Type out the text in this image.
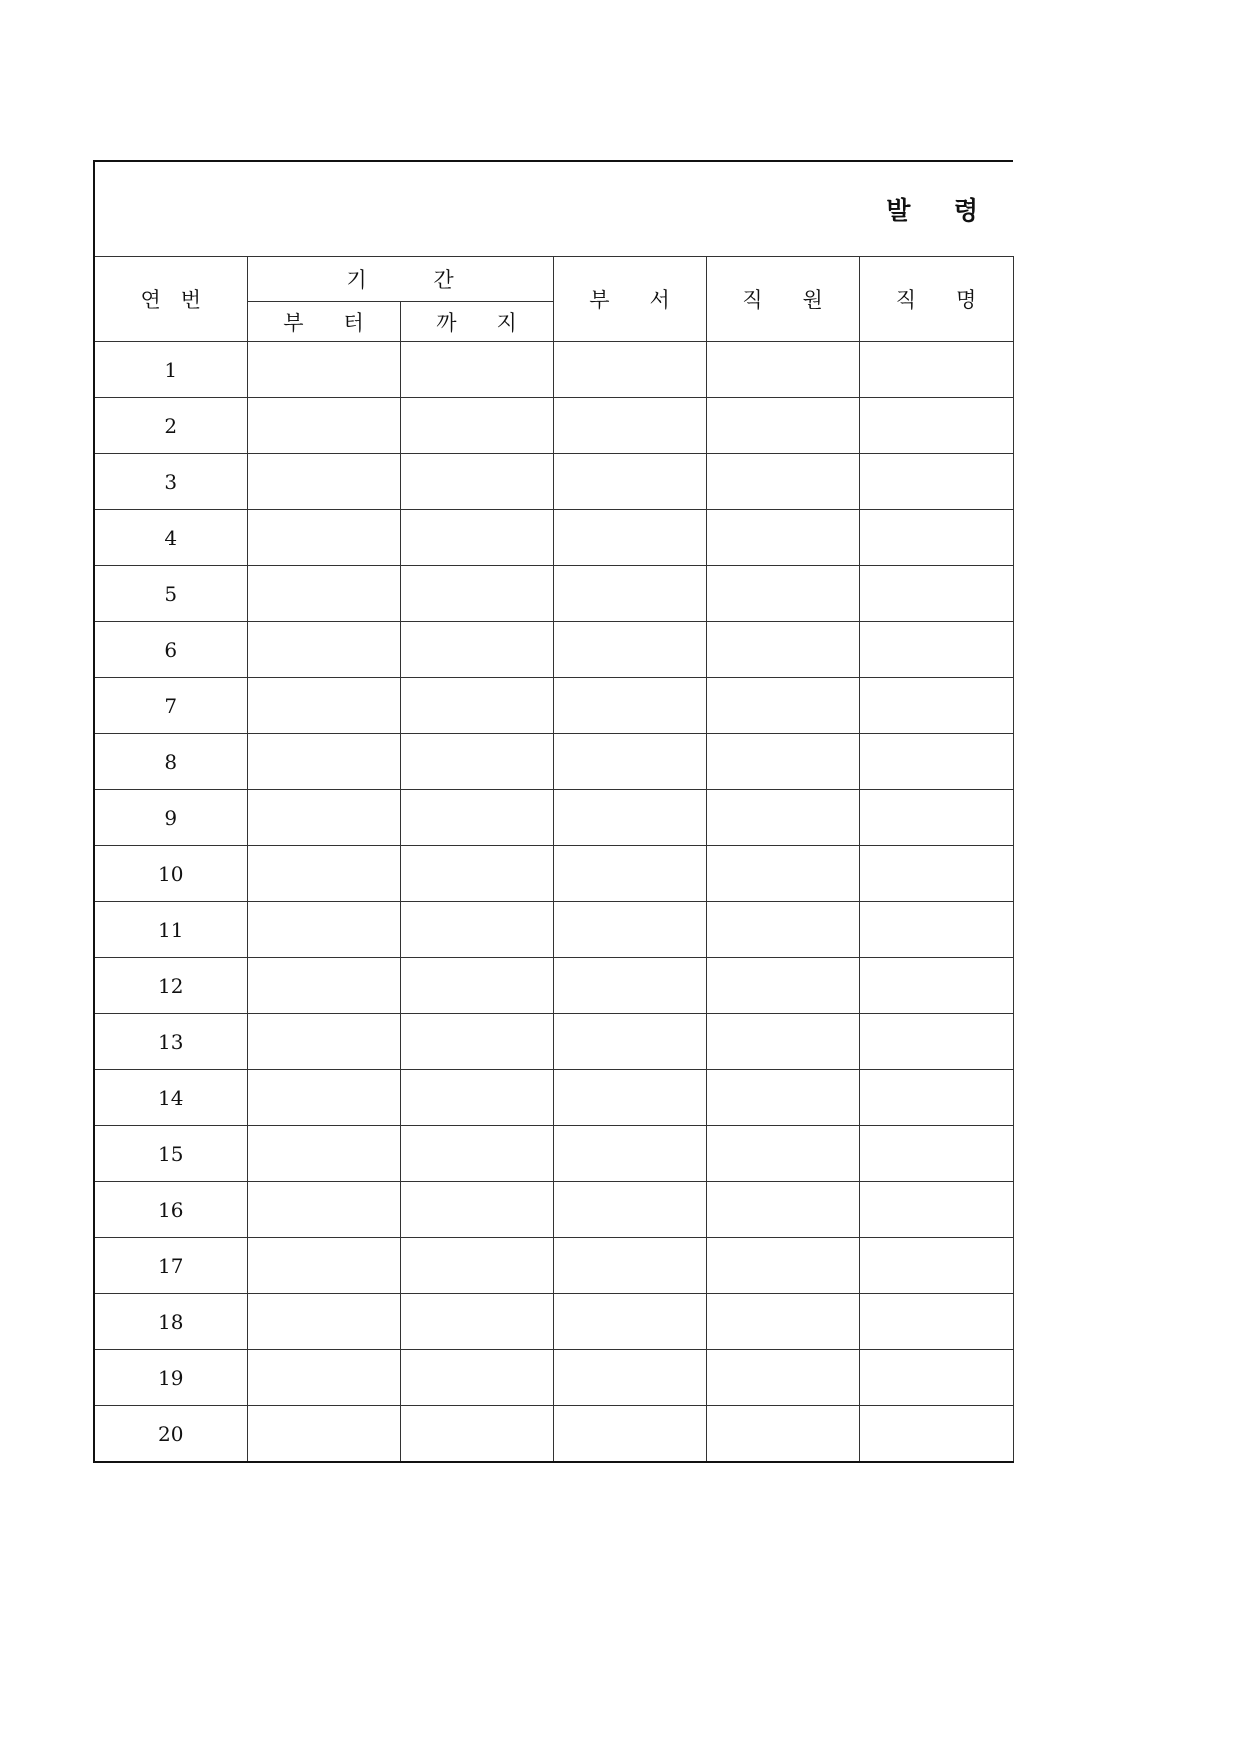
발     령					

연   번	기          간		부      서	직      원	직      명
	부      터	까      지			
1					
2					
3					
4					
5					
6					
7					
8					
9					
10					
11					
12					
13					
14					
15					
16					
17					
18					
19					
20					
